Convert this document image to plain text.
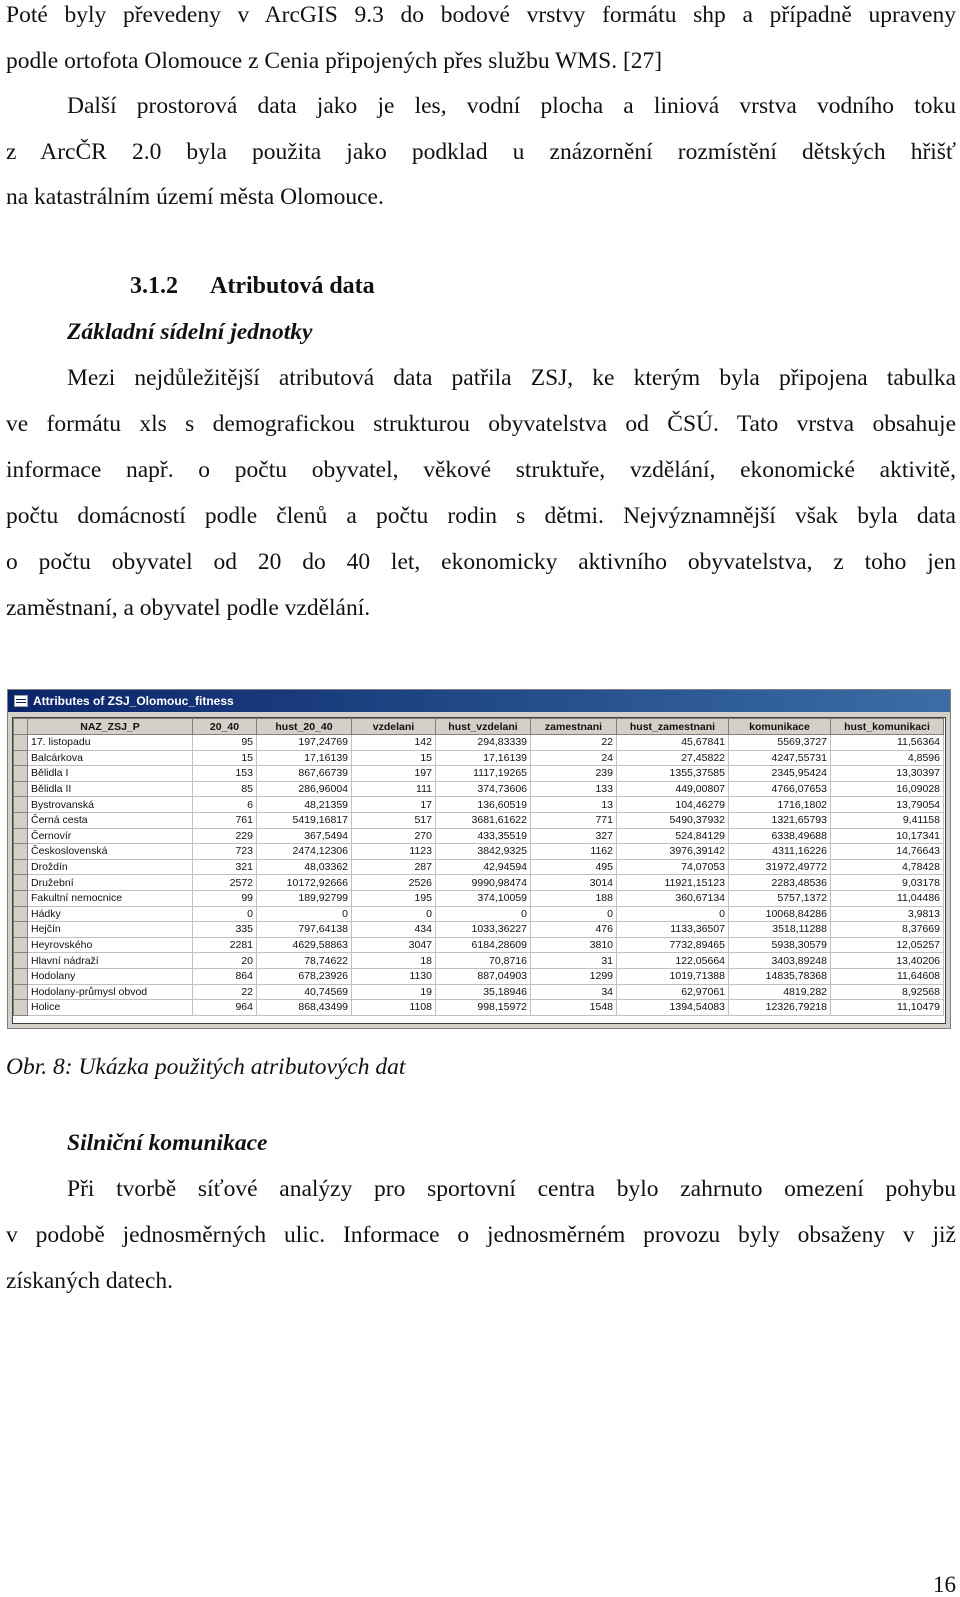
Poté byly převedeny v ArcGIS 9.3 do bodové vrstvy formátu shp a případně upraveny
podle ortofota Olomouce z Cenia připojených přes službu WMS. [27]
Další prostorová data jako je les, vodní plocha a liniová vrstva vodního toku
z ArcČR 2.0 byla použita jako podklad u znázornění rozmístění dětských hřišť
na katastrálním území města Olomouce.
3.1.2 Atributová data
Základní sídelní jednotky
Mezi nejdůležitější atributová data patřila ZSJ, ke kterým byla připojena tabulka
ve formátu xls s demografickou strukturou obyvatelstva od ČSÚ. Tato vrstva obsahuje
informace např. o počtu obyvatel, věkové struktuře, vzdělání, ekonomické aktivitě,
počtu domácností podle členů a počtu rodin s dětmi. Nejvýznamnější však byla data
o počtu obyvatel od 20 do 40 let, ekonomicky aktivního obyvatelstva, z toho jen
zaměstnaní, a obyvatel podle vzdělání.
Attributes of ZSJ_Olomouc_fitness
	NAZ_ZSJ_P	20_40	hust_20_40	vzdelani	hust_vzdelani	zamestnani	hust_zamestnani	komunikace	hust_komunikaci
	17. listopadu	95	197,24769	142	294,83339	22	45,67841	5569,3727	11,56364
	Balcárkova	15	17,16139	15	17,16139	24	27,45822	4247,55731	4,8596
	Bělidla I	153	867,66739	197	1117,19265	239	1355,37585	2345,95424	13,30397
	Bělidla II	85	286,96004	111	374,73606	133	449,00807	4766,07653	16,09028
	Bystrovanská	6	48,21359	17	136,60519	13	104,46279	1716,1802	13,79054
	Černá cesta	761	5419,16817	517	3681,61622	771	5490,37932	1321,65793	9,41158
	Černovír	229	367,5494	270	433,35519	327	524,84129	6338,49688	10,17341
	Československá	723	2474,12306	1123	3842,9325	1162	3976,39142	4311,16226	14,76643
	Droždín	321	48,03362	287	42,94594	495	74,07053	31972,49772	4,78428
	Družební	2572	10172,92666	2526	9990,98474	3014	11921,15123	2283,48536	9,03178
	Fakultní nemocnice	99	189,92799	195	374,10059	188	360,67134	5757,1372	11,04486
	Hádky	0	0	0	0	0	0	10068,84286	3,9813
	Hejčín	335	797,64138	434	1033,36227	476	1133,36507	3518,11288	8,37669
	Heyrovského	2281	4629,58863	3047	6184,28609	3810	7732,89465	5938,30579	12,05257
	Hlavní nádraží	20	78,74622	18	70,8716	31	122,05664	3403,89248	13,40206
	Hodolany	864	678,23926	1130	887,04903	1299	1019,71388	14835,78368	11,64608
	Hodolany-průmysl obvod	22	40,74569	19	35,18946	34	62,97061	4819,282	8,92568
	Holice	964	868,43499	1108	998,15972	1548	1394,54083	12326,79218	11,10479
Obr. 8: Ukázka použitých atributových dat
Silniční komunikace
Při tvorbě síťové analýzy pro sportovní centra bylo zahrnuto omezení pohybu
v podobě jednosměrných ulic. Informace o jednosměrném provozu byly obsaženy v již
získaných datech.
16
